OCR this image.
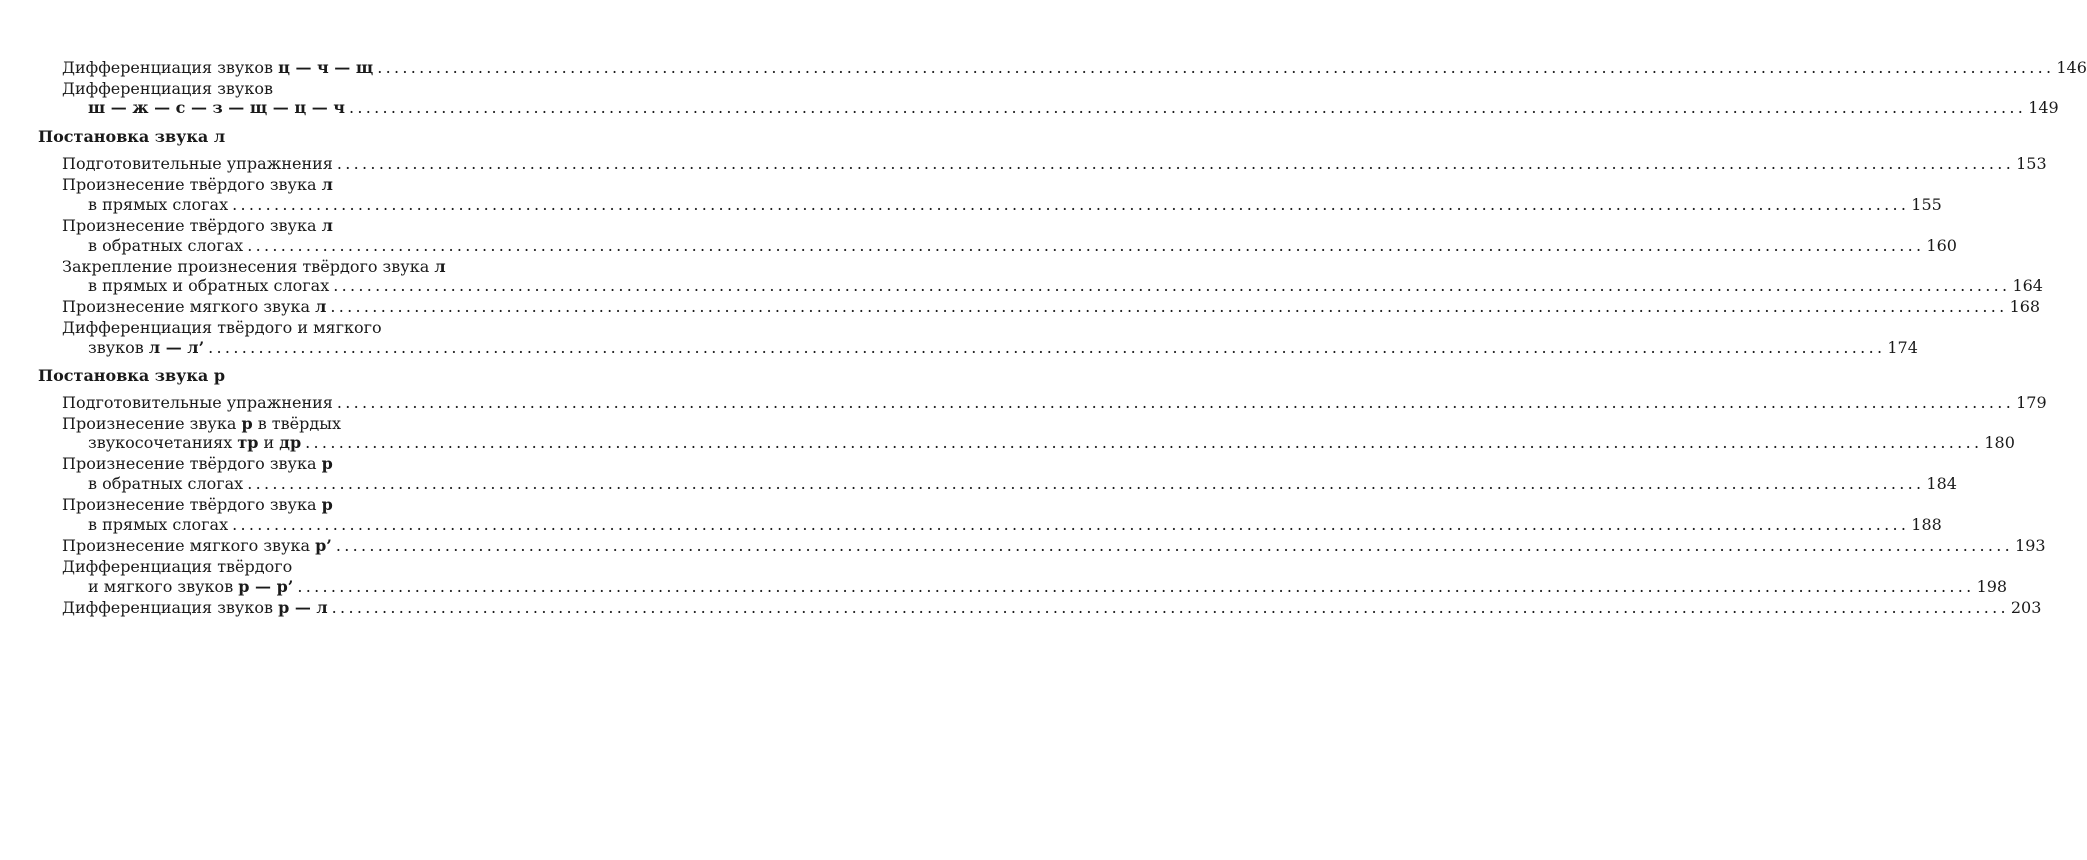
Дифференциация звуков ц — ч — щ ........................................................................................................................................................................................................ 146
Дифференциация звуков
ш — ж — с — з — щ — ц — ч ........................................................................................................................................................................................................ 149
Постановка звука л
Подготовительные упражнения ........................................................................................................................................................................................................ 153
Произнесение твёрдого звука л
в прямых слогах ........................................................................................................................................................................................................ 155
Произнесение твёрдого звука л
в обратных слогах ........................................................................................................................................................................................................ 160
Закрепление произнесения твёрдого звука л
в прямых и обратных слогах ........................................................................................................................................................................................................ 164
Произнесение мягкого звука л ........................................................................................................................................................................................................ 168
Дифференциация твёрдого и мягкого
звуков л — л’ ........................................................................................................................................................................................................ 174
Постановка звука р
Подготовительные упражнения ........................................................................................................................................................................................................ 179
Произнесение звука р в твёрдых
звукосочетаниях тр и др ........................................................................................................................................................................................................ 180
Произнесение твёрдого звука р
в обратных слогах ........................................................................................................................................................................................................ 184
Произнесение твёрдого звука р
в прямых слогах ........................................................................................................................................................................................................ 188
Произнесение мягкого звука р’ ........................................................................................................................................................................................................ 193
Дифференциация твёрдого
и мягкого звуков р — р’ ........................................................................................................................................................................................................ 198
Дифференциация звуков р — л ........................................................................................................................................................................................................ 203
